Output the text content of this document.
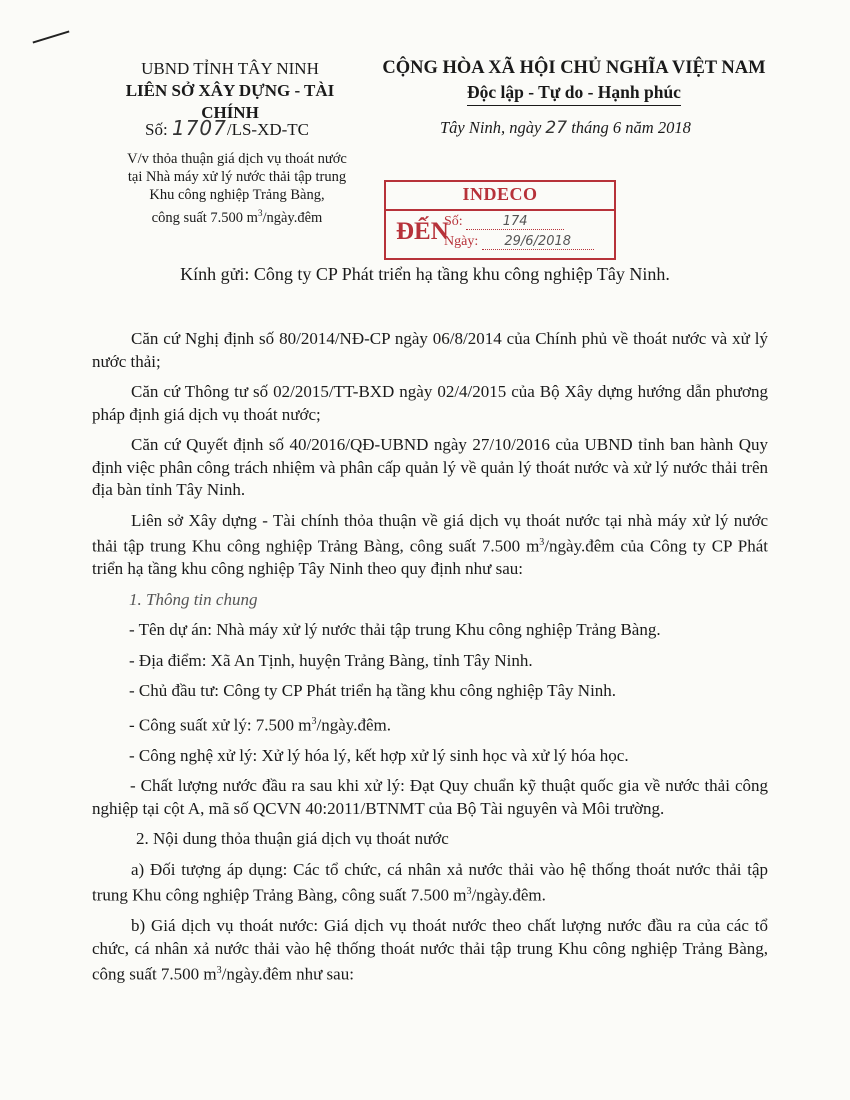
UBND TỈNH TÂY NINH
LIÊN SỞ XÂY DỰNG - TÀI CHÍNH
CỘNG HÒA XÃ HỘI CHỦ NGHĨA VIỆT NAM
Độc lập - Tự do - Hạnh phúc
Số: 1707/LS-XD-TC	Tây Ninh, ngày 27 tháng 6 năm 2018
V/v thỏa thuận giá dịch vụ thoát nước
tại Nhà máy xử lý nước thải tập trung
Khu công nghiệp Trảng Bàng,
công suất 7.500 $m^3/ngày.đêm$
INDECO
ĐẾN
Số:	174
Ngày: 29/6/2018
Kính gửi: Công ty CP Phát triển hạ tầng khu công nghiệp Tây Ninh.

Căn cứ Nghị định số 80/2014/NĐ-CP ngày 06/8/2014 của Chính phủ về thoát nước và xử lý nước thải;

Căn cứ Thông tư số 02/2015/TT-BXD ngày 02/4/2015 của Bộ Xây dựng hướng dẫn phương pháp định giá dịch vụ thoát nước;

Căn cứ Quyết định số 40/2016/QĐ-UBND ngày 27/10/2016 của UBND tỉnh ban hành Quy định việc phân công trách nhiệm và phân cấp quản lý về quản lý thoát nước và xử lý nước thải trên địa bàn tỉnh Tây Ninh.

Liên sở Xây dựng - Tài chính thỏa thuận về giá dịch vụ thoát nước tại nhà máy xử lý nước thải tập trung Khu công nghiệp Trảng Bàng, công suất 7.500 $m^3/ngày.đêm$ của Công ty CP Phát triển hạ tầng khu công nghiệp Tây Ninh theo quy định như sau:

1. Thông tin chung

- Tên dự án: Nhà máy xử lý nước thải tập trung Khu công nghiệp Trảng Bàng.

- Địa điểm: Xã An Tịnh, huyện Trảng Bàng, tỉnh Tây Ninh.

- Chủ đầu tư: Công ty CP Phát triển hạ tầng khu công nghiệp Tây Ninh.

- Công suất xử lý: 7.500 $m^3/ngày.đêm$.

- Công nghệ xử lý: Xử lý hóa lý, kết hợp xử lý sinh học và xử lý hóa học.

- Chất lượng nước đầu ra sau khi xử lý: Đạt Quy chuẩn kỹ thuật quốc gia về nước thải công nghiệp tại cột A, mã số QCVN 40:2011/BTNMT của Bộ Tài nguyên và Môi trường.

2. Nội dung thỏa thuận giá dịch vụ thoát nước

a) Đối tượng áp dụng: Các tổ chức, cá nhân xả nước thải vào hệ thống thoát nước thải tập trung Khu công nghiệp Trảng Bàng, công suất 7.500 $m^3/ngày.đêm$.

b) Giá dịch vụ thoát nước: Giá dịch vụ thoát nước theo chất lượng nước đầu ra của các tổ chức, cá nhân xả nước thải vào hệ thống thoát nước thải tập trung Khu công nghiệp Trảng Bàng, công suất 7.500 $m^3/ngày.đêm$ như sau:
